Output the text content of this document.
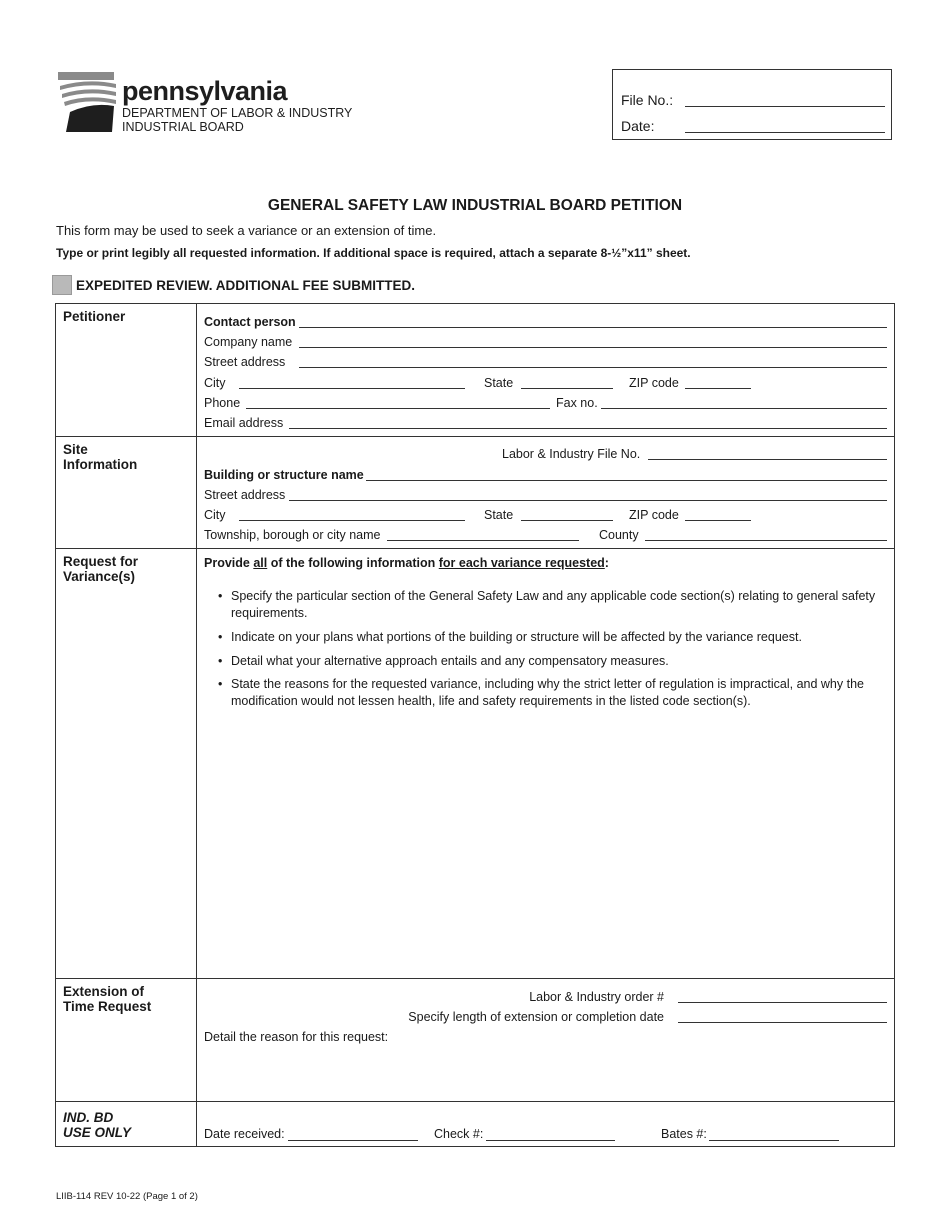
pennsylvania
DEPARTMENT OF LABOR & INDUSTRY
INDUSTRIAL BOARD
File No.:
Date:
GENERAL SAFETY LAW INDUSTRIAL BOARD PETITION
This form may be used to seek a variance or an extension of time.
Type or print legibly all requested information. If additional space is required, attach a separate 8-½”x11” sheet.
EXPEDITED REVIEW. ADDITIONAL FEE SUBMITTED.
Petitioner	Contact person
Company name
Street address
City	State	ZIP code
Phone	Fax no.
Email address
Site
Information
Labor & Industry File No.
Building or structure name
Street address
City	State	ZIP code
Township, borough or city name	County
Request for
Variance(s)
Provide all of the following information for each variance requested:
• Specify the particular section of the General Safety Law and any applicable code section(s) relating to general safety requirements.
• Indicate on your plans what portions of the building or structure will be affected by the variance request.
• Detail what your alternative approach entails and any compensatory measures.
• State the reasons for the requested variance, including why the strict letter of regulation is impractical, and why the modification would not lessen health, life and safety requirements in the listed code section(s).
Extension of
Time Request
Labor & Industry order #
Specify length of extension or completion date
Detail the reason for this request:
IND. BD
USE ONLY	Date received:	Check #:	Bates #:
LIIB-114 REV 10-22 (Page 1 of 2)
